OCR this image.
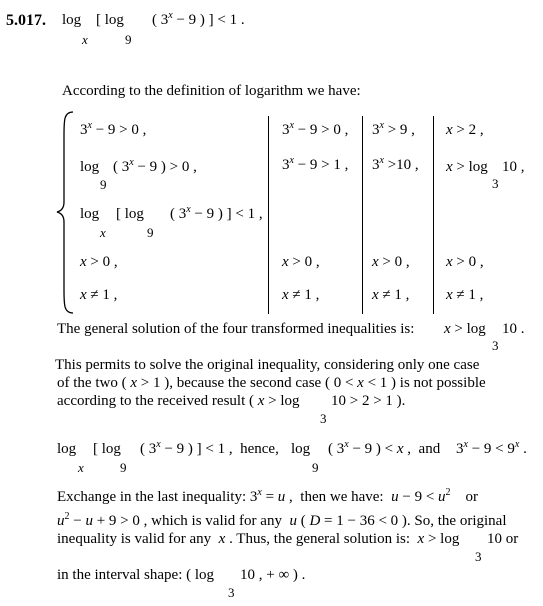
5.017. log
x
[ log
9
( $3^x - 9$ ) ] < 1 .
According to the definition of logarithm we have:
$3^x - 9 > 0$ ,
log
9
( $3^x - 9$ ) > 0 ,
log
x
[ log
9
( $3^x - 9$ ) ] < 1 ,
x > 0 ,
x ≠ 1 ,
$3^x - 9 > 0$ ,
$3^x - 9 > 1$ ,
x > 0 ,
x ≠ 1 ,
$3^x > 9$ ,
$3^x >10$ ,
x > 0 ,
x ≠ 1 ,
x > 2 ,
x > log
3
10 ,
x > 0 ,
x ≠ 1 ,
The general solution of the four transformed inequalities is: x > log
3
10 .
This permits to solve the original inequality, considering only one case
of the two ( x > 1 ), because the second case ( 0 < x < 1 ) is not possible
according to the received result ( x > log
3
10 > 2 > 1 ).
log
x
[ log
9
( $3^x - 9$ ) ] < 1 ,  hence, log
9
( $3^x - 9$ ) < x ,  and $3^x - 9 < 9^x$ .
Exchange in the last inequality: $3^x = u$ ,  then we have:  $u - 9 < u^2$    or
$u^2 - u + 9 > 0$ , which is valid for any  u ( D = 1 − 36 < 0 ). So, the original
inequality is valid for any  x . Thus, the general solution is:  x > log
3
10 or
in the interval shape: ( log
3
10 , + ∞ ) .
